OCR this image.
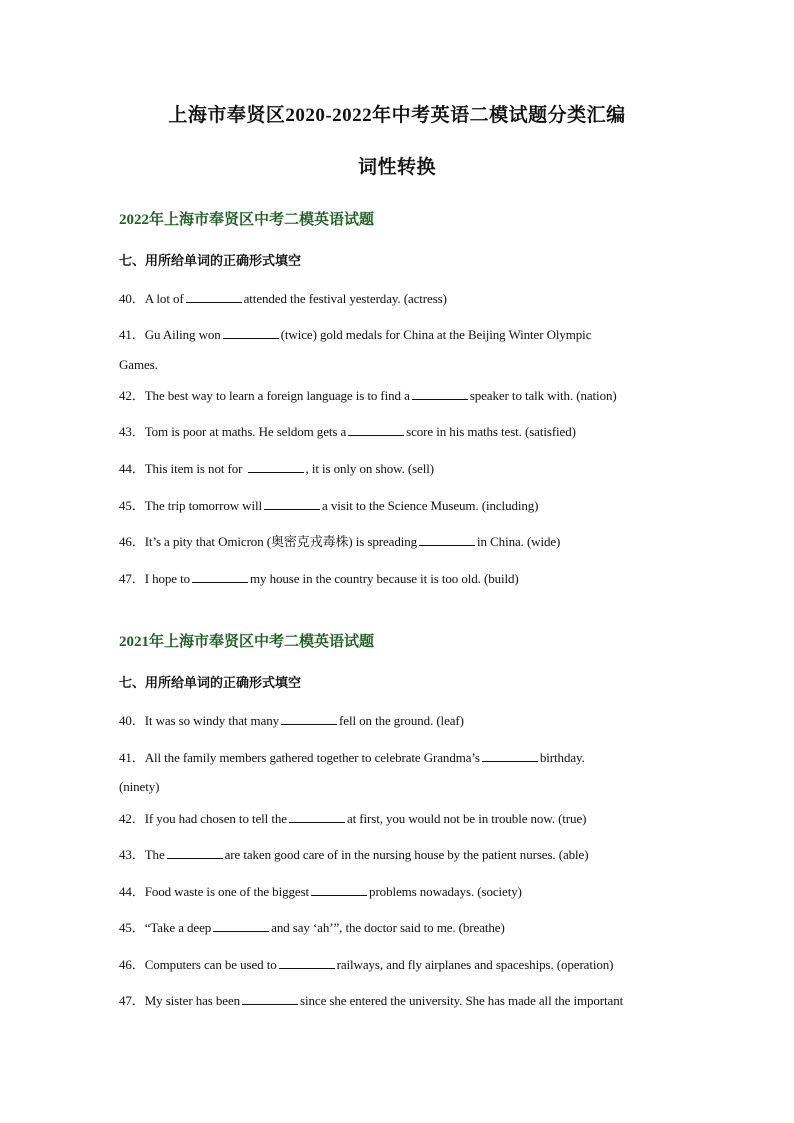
上海市奉贤区2020-2022年中考英语二模试题分类汇编
词性转换
2022年上海市奉贤区中考二模英语试题
七、用所给单词的正确形式填空
40．A lot of	attended the festival yesterday. (actress)
41．Gu Ailing won	(twice) gold medals for China at the Beijing Winter Olympic
Games.
42．The best way to learn a foreign language is to find a	speaker to talk with. (nation)
43．Tom is poor at maths. He seldom gets a	score in his maths test. (satisfied)
44．This item is not for	, it is only on show. (sell)
45．The trip tomorrow will	a visit to the Science Museum. (including)
46．It’s a pity that Omicron (奥密克戎毒株) is spreading	in China. (wide)
47．I hope to	my house in the country because it is too old. (build)
2021年上海市奉贤区中考二模英语试题
七、用所给单词的正确形式填空
40．It was so windy that many	fell on the ground. (leaf)
41．All the family members gathered together to celebrate Grandma’s	birthday.
(ninety)
42．If you had chosen to tell the	at first, you would not be in trouble now. (true)
43．The	are taken good care of in the nursing house by the patient nurses. (able)
44．Food waste is one of the biggest	problems nowadays. (society)
45．“Take a deep	and say ‘ah’”, the doctor said to me. (breathe)
46．Computers can be used to	railways, and fly airplanes and spaceships. (operation)
47．My sister has been	since she entered the university. She has made all the important
